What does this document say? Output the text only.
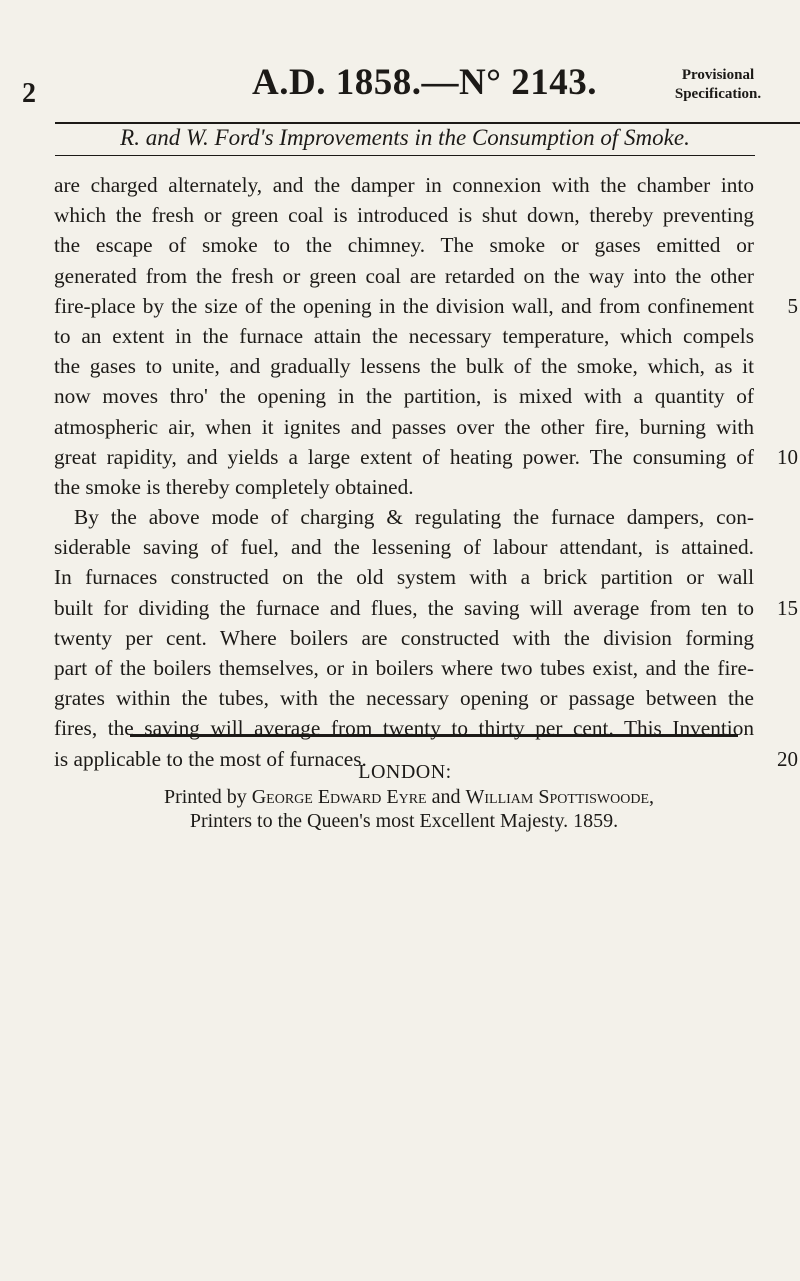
2	A.D. 1858.—N° 2143.	Provisional
Specification.
R. and W. Ford's Improvements in the Consumption of Smoke.
are charged alternately, and the damper in connexion with the chamber into
which the fresh or green coal is introduced is shut down, thereby preventing
the escape of smoke to the chimney. The smoke or gases emitted or
generated from the fresh or green coal are retarded on the way into the other
fire-place by the size of the opening in the division wall, and from confinement
to an extent in the furnace attain the necessary temperature, which compels
the gases to unite, and gradually lessens the bulk of the smoke, which, as it
now moves thro' the opening in the partition, is mixed with a quantity of
atmospheric air, when it ignites and passes over the other fire, burning with
great rapidity, and yields a large extent of heating power. The consuming of
the smoke is thereby completely obtained.
By the above mode of charging & regulating the furnace dampers, con-
siderable saving of fuel, and the lessening of labour attendant, is attained.
In furnaces constructed on the old system with a brick partition or wall
built for dividing the furnace and flues, the saving will average from ten to
twenty per cent. Where boilers are constructed with the division forming
part of the boilers themselves, or in boilers where two tubes exist, and the fire-
grates within the tubes, with the necessary opening or passage between the
fires, the saving will average from twenty to thirty per cent. This Invention
is applicable to the most of furnaces.
5
10
15
20
LONDON:
Printed by George Edward Eyre and William Spottiswoode,
Printers to the Queen's most Excellent Majesty. 1859.
